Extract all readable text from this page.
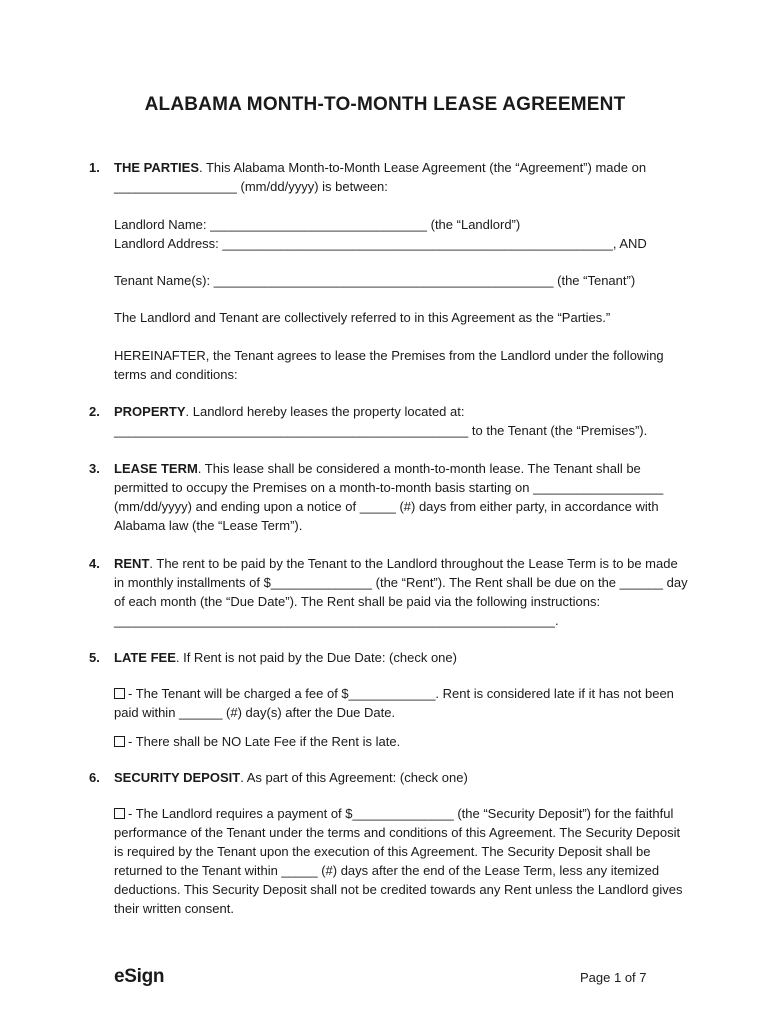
ALABAMA MONTH-TO-MONTH LEASE AGREEMENT
1. THE PARTIES. This Alabama Month-to-Month Lease Agreement (the “Agreement”) made on _________________ (mm/dd/yyyy) is between:
Landlord Name: ______________________________ (the “Landlord”)
Landlord Address: ______________________________________________________, AND
Tenant Name(s): _______________________________________________ (the “Tenant”)
The Landlord and Tenant are collectively referred to in this Agreement as the “Parties.”
HEREINAFTER, the Tenant agrees to lease the Premises from the Landlord under the following terms and conditions:
2. PROPERTY. Landlord hereby leases the property located at: _________________________________________________ to the Tenant (the “Premises”).
3. LEASE TERM. This lease shall be considered a month-to-month lease. The Tenant shall be permitted to occupy the Premises on a month-to-month basis starting on __________________ (mm/dd/yyyy) and ending upon a notice of _____ (#) days from either party, in accordance with Alabama law (the “Lease Term”).
4. RENT. The rent to be paid by the Tenant to the Landlord throughout the Lease Term is to be made in monthly installments of $______________ (the “Rent”). The Rent shall be due on the ______ day of each month (the “Due Date”). The Rent shall be paid via the following instructions: _____________________________________________________________.
5. LATE FEE. If Rent is not paid by the Due Date: (check one)
- The Tenant will be charged a fee of $____________. Rent is considered late if it has not been paid within ______ (#) day(s) after the Due Date.
- There shall be NO Late Fee if the Rent is late.
6. SECURITY DEPOSIT. As part of this Agreement: (check one)
- The Landlord requires a payment of $______________ (the “Security Deposit”) for the faithful performance of the Tenant under the terms and conditions of this Agreement. The Security Deposit is required by the Tenant upon the execution of this Agreement. The Security Deposit shall be returned to the Tenant within _____ (#) days after the end of the Lease Term, less any itemized deductions. This Security Deposit shall not be credited towards any Rent unless the Landlord gives their written consent.
eSign	Page 1 of 7
